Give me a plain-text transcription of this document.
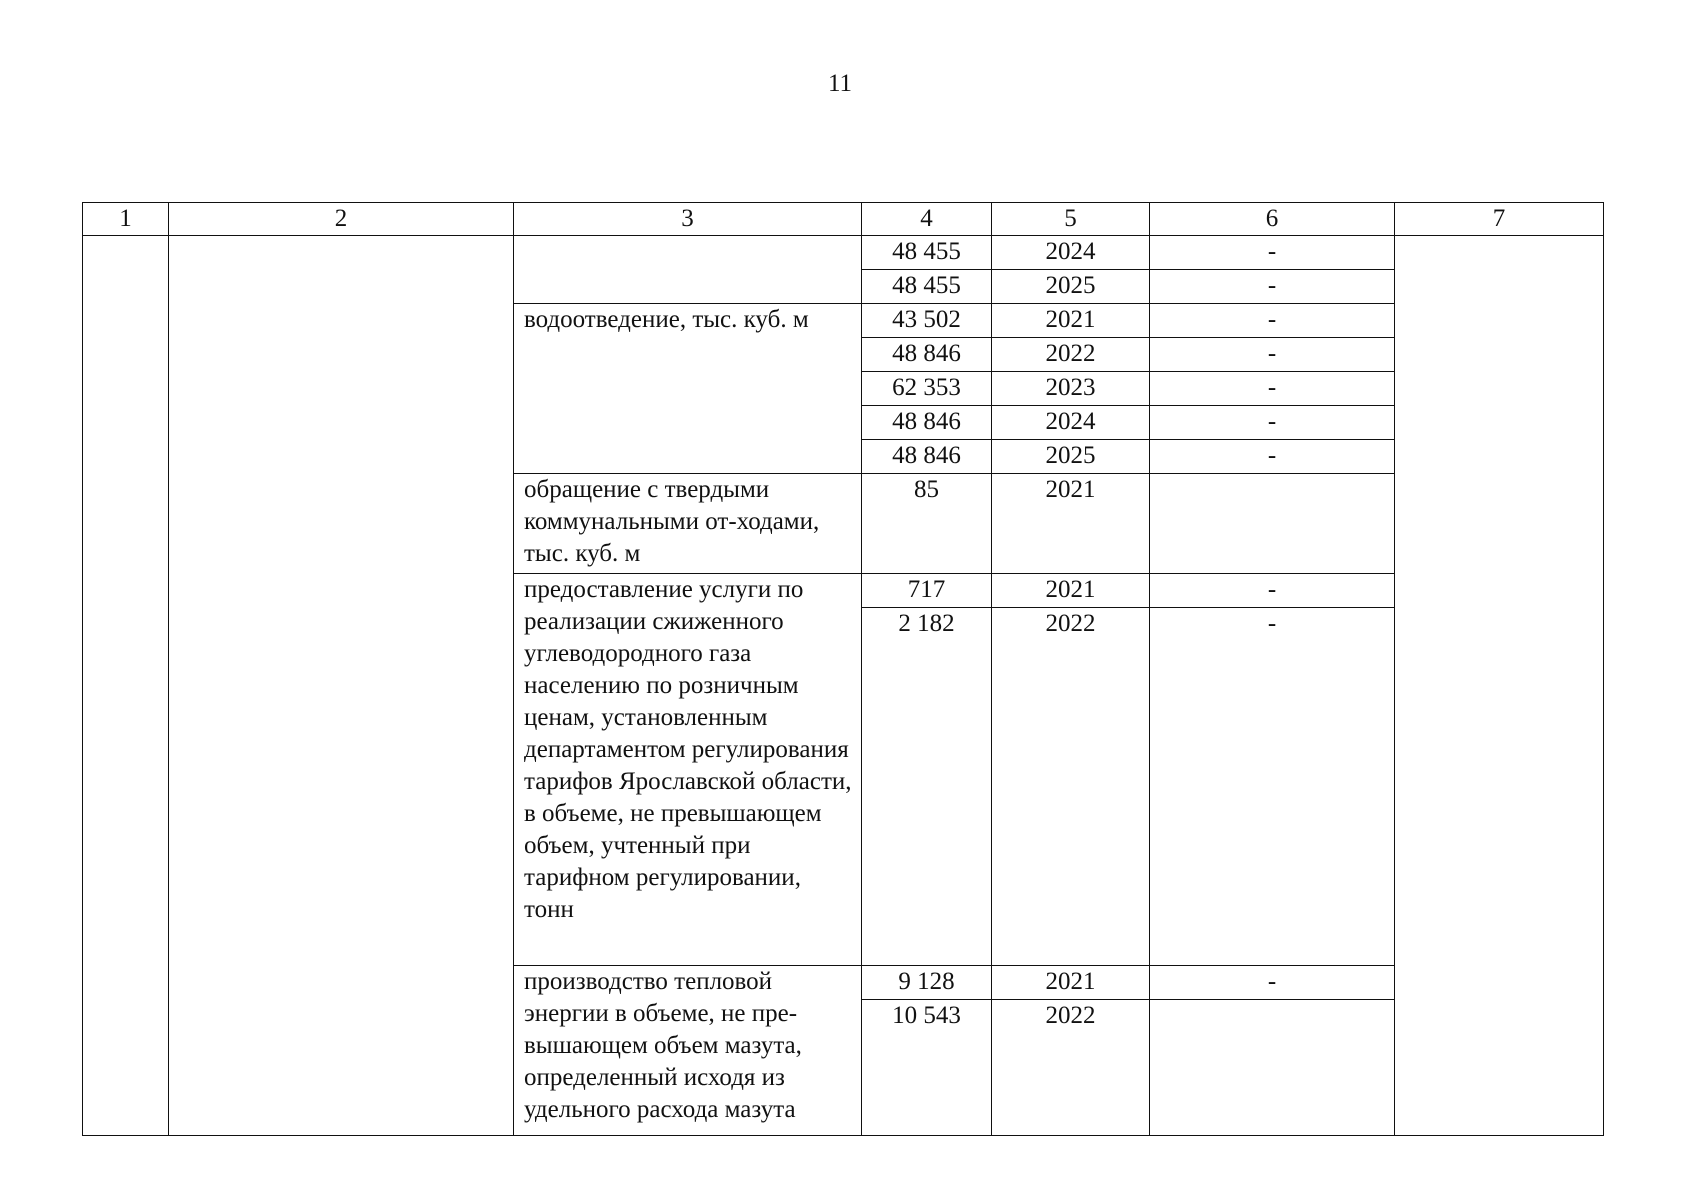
11
1	2	3	4	5	6	7
			48 455	2024	-	
			48 455	2025	-	
		водоотведение, тыс. куб. м	43 502	2021	-	
			48 846	2022	-	
			62 353	2023	-	
			48 846	2024	-	
			48 846	2025	-	
		обращение с твердыми коммунальными от-ходами, тыс. куб. м	85	2021		
		предоставление услуги по реализации сжиженного углеводородного газа населению по розничным ценам, установленным департаментом регулирования тарифов Ярославской области, в объеме, не превышающем объем, учтенный при тарифном регулировании, тонн	717	2021	-	
			2 182	2022	-	
		производство тепловой энергии в объеме, не пре-вышающем объем мазута, определенный исходя из удельного расхода мазута	9 128	2021	-	
			10 543	2022		
